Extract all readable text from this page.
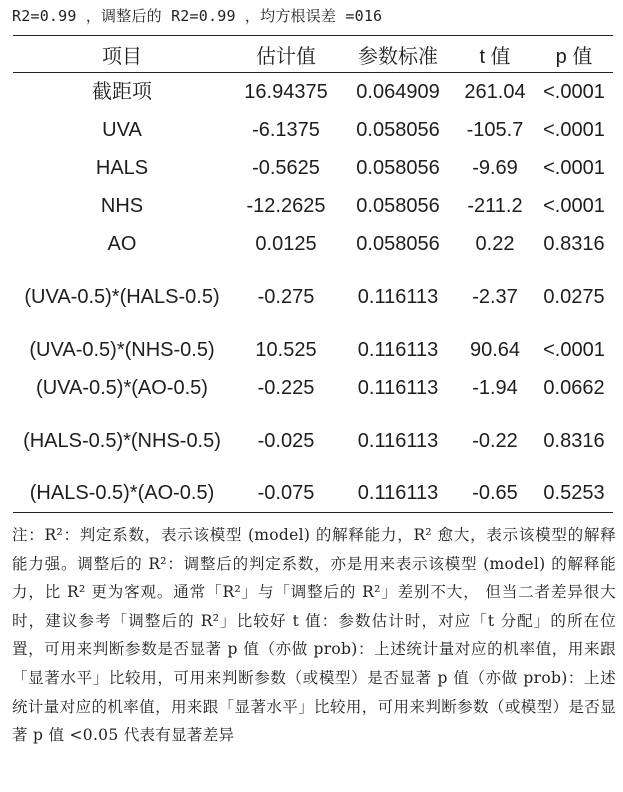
R2=0.99 ，调整后的 R2=0.99 ，均方根误差 =016
项目	估计值	参数标准	t 值	p 值
截距项	16.94375	0.064909	261.04	<.0001
UVA	-6.1375	0.058056	-105.7	<.0001
HALS	-0.5625	0.058056	-9.69	<.0001
NHS	-12.2625	0.058056	-211.2	<.0001
AO	0.0125	0.058056	0.22	0.8316
(UVA-0.5)*(HALS-0.5)	-0.275	0.116113	-2.37	0.0275
(UVA-0.5)*(NHS-0.5)	10.525	0.116113	90.64	<.0001
(UVA-0.5)*(AO-0.5)	-0.225	0.116113	-1.94	0.0662
(HALS-0.5)*(NHS-0.5)	-0.025	0.116113	-0.22	0.8316
(HALS-0.5)*(AO-0.5)	-0.075	0.116113	-0.65	0.5253
注：R²：判定系数，表示该模型 (model) 的解释能力，R² 愈大，表示该模型的解释能力强。调整后的 R²：调整后的判定系数，亦是用来表示该模型 (model) 的解释能力，比 R² 更为客观。通常「R²」与「调整后的 R²」差别不大， 但当二者差异很大时，建议参考「调整后的 R²」比较好 t 值：参数估计时，对应「t 分配」的所在位置，可用来判断参数是否显著 p 值（亦做 prob)：上述统计量对应的机率值，用来跟「显著水平」比较用，可用来判断参数（或模型）是否显著 p 值（亦做 prob)：上述统计量对应的机率值，用来跟「显著水平」比较用，可用来判断参数（或模型）是否显著 p 值 <0.05 代表有显著差异
